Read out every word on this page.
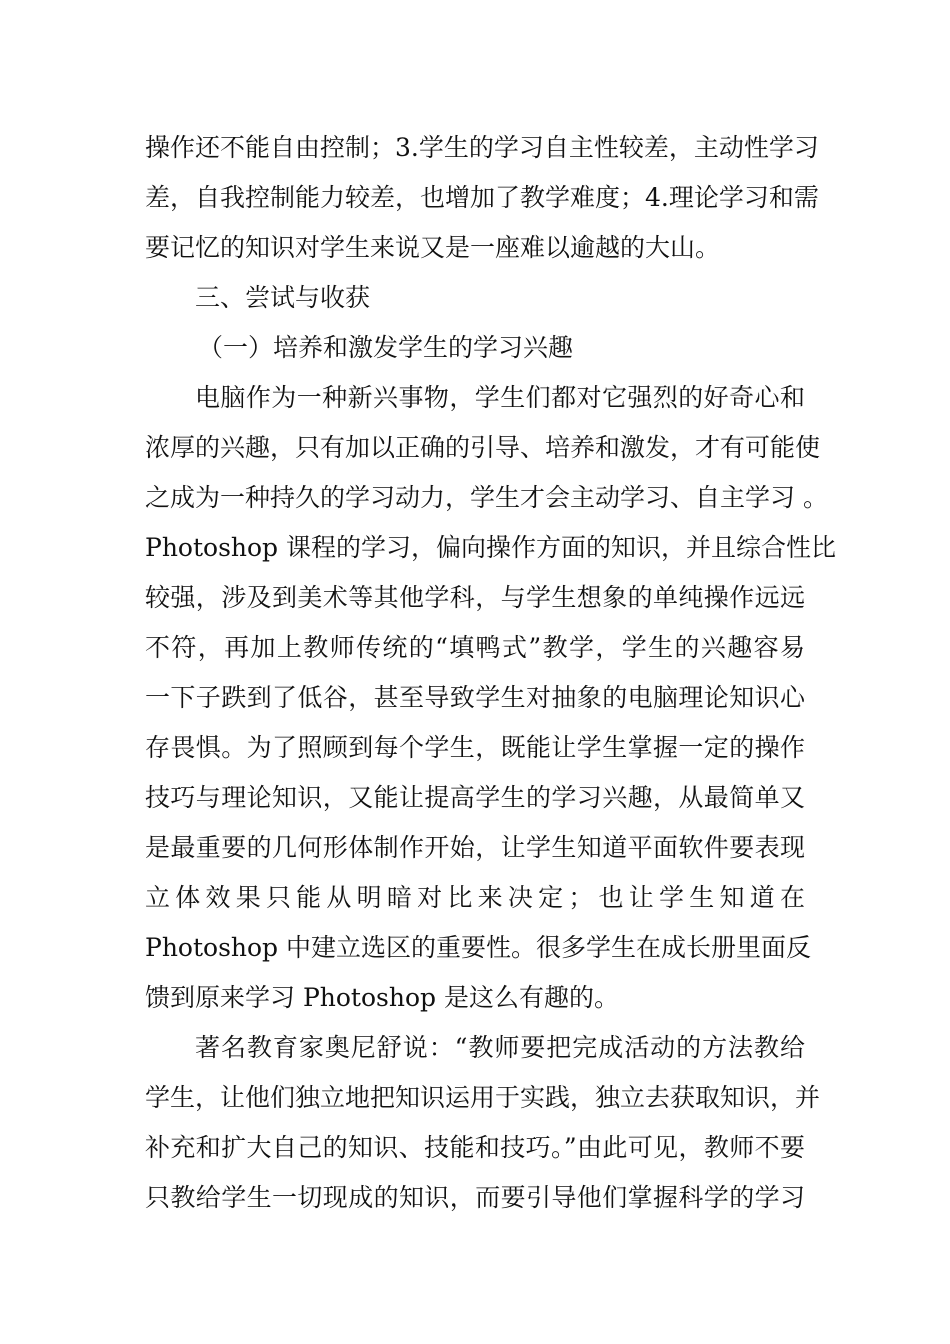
操作还不能自由控制；3.学生的学习自主性较差，主动性学习
差，自我控制能力较差，也增加了教学难度；4.理论学习和需
要记忆的知识对学生来说又是一座难以逾越的大山。
三、尝试与收获
（一）培养和激发学生的学习兴趣
电脑作为一种新兴事物，学生们都对它强烈的好奇心和
浓厚的兴趣，只有加以正确的引导、培养和激发，才有可能使
之成为一种持久的学习动力，学生才会主动学习、自主学习 。
Photoshop 课程的学习，偏向操作方面的知识，并且综合性比
较强，涉及到美术等其他学科，与学生想象的单纯操作远远
不符，再加上教师传统的“填鸭式”教学，学生的兴趣容易
一下子跌到了低谷，甚至导致学生对抽象的电脑理论知识心
存畏惧。为了照顾到每个学生，既能让学生掌握一定的操作
技巧与理论知识，又能让提高学生的学习兴趣，从最简单又
是最重要的几何形体制作开始，让学生知道平面软件要表现
立体效果只能从明暗对比来决定；也让学生知道在
Photoshop 中建立选区的重要性。很多学生在成长册里面反
馈到原来学习 Photoshop 是这么有趣的。
著名教育家奥尼舒说：“教师要把完成活动的方法教给
学生，让他们独立地把知识运用于实践，独立去获取知识，并
补充和扩大自己的知识、技能和技巧。”由此可见，教师不要
只教给学生一切现成的知识，而要引导他们掌握科学的学习
